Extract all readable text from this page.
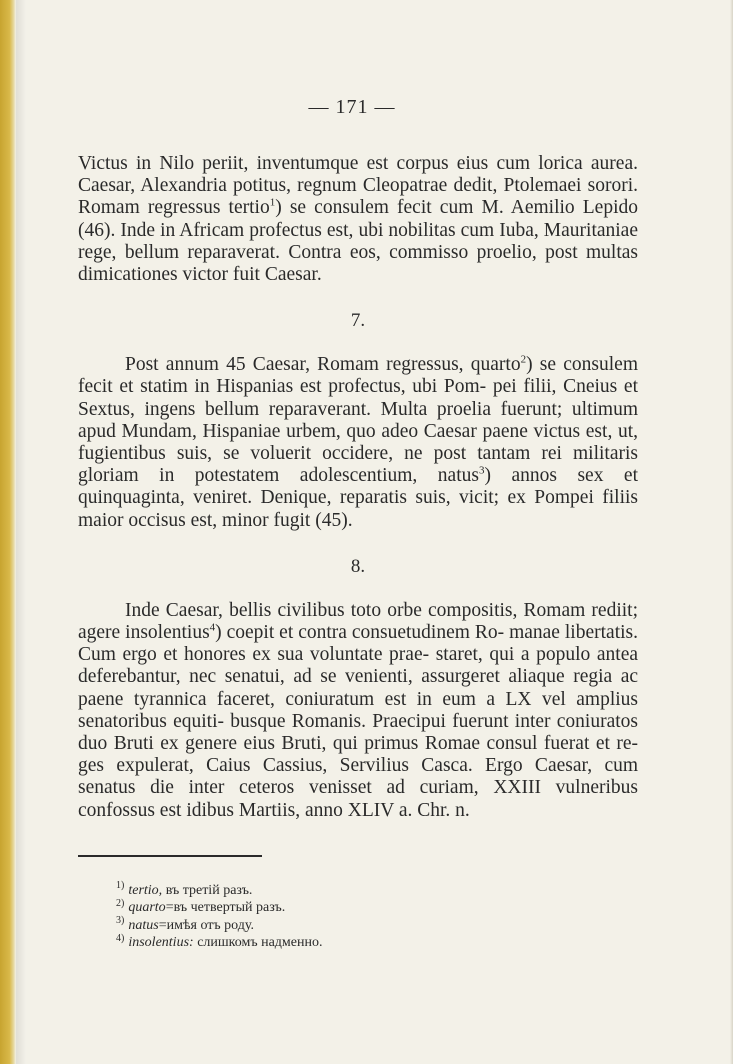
— 171 —

Victus in Nilo periit, inventumque est corpus eius cum lorica aurea. Caesar, Alexandria potitus, regnum Cleopatrae dedit, Ptolemaei sorori. Romam regressus tertio$^1$) se consulem fecit cum M. Aemilio Lepido (46). Inde in Africam profectus est, ubi nobilitas cum Iuba, Mauritaniae rege, bellum reparaverat. Contra eos, commisso proelio, post multas dimicationes victor fuit Caesar.

7.

Post annum 45 Caesar, Romam regressus, quarto$^2$) se consulem fecit et statim in Hispanias est profectus, ubi Pom- pei filii, Cneius et Sextus, ingens bellum reparaverant. Multa proelia fuerunt; ultimum apud Mundam, Hispaniae urbem, quo adeo Caesar paene victus est, ut, fugientibus suis, se voluerit occidere, ne post tantam rei militaris gloriam in potestatem adolescentium, natus$^3$) annos sex et quinquaginta, veniret. Denique, reparatis suis, vicit; ex Pompei filiis maior occisus est, minor fugit (45).

8.

Inde Caesar, bellis civilibus toto orbe compositis, Romam rediit; agere insolentius$^4$) coepit et contra consuetudinem Ro- manae libertatis. Cum ergo et honores ex sua voluntate prae- staret, qui a populo antea deferebantur, nec senatui, ad se venienti, assurgeret aliaque regia ac paene tyrannica faceret, coniuratum est in eum a LX vel amplius senatoribus equiti- busque Romanis. Praecipui fuerunt inter coniuratos duo Bruti ex genere eius Bruti, qui primus Romae consul fuerat et re- ges expulerat, Caius Cassius, Servilius Casca. Ergo Caesar, cum senatus die inter ceteros venisset ad curiam, XXIII vulneribus confossus est idibus Martiis, anno XLIV a. Chr. n.

$^{1)}$ tertio, въ третiй разъ.
$^{2)}$ quarto=въ четвертый разъ.
$^{3)}$ natus=имѣя отъ роду.
$^{4)}$ insolentius: слишкомъ надменно.
